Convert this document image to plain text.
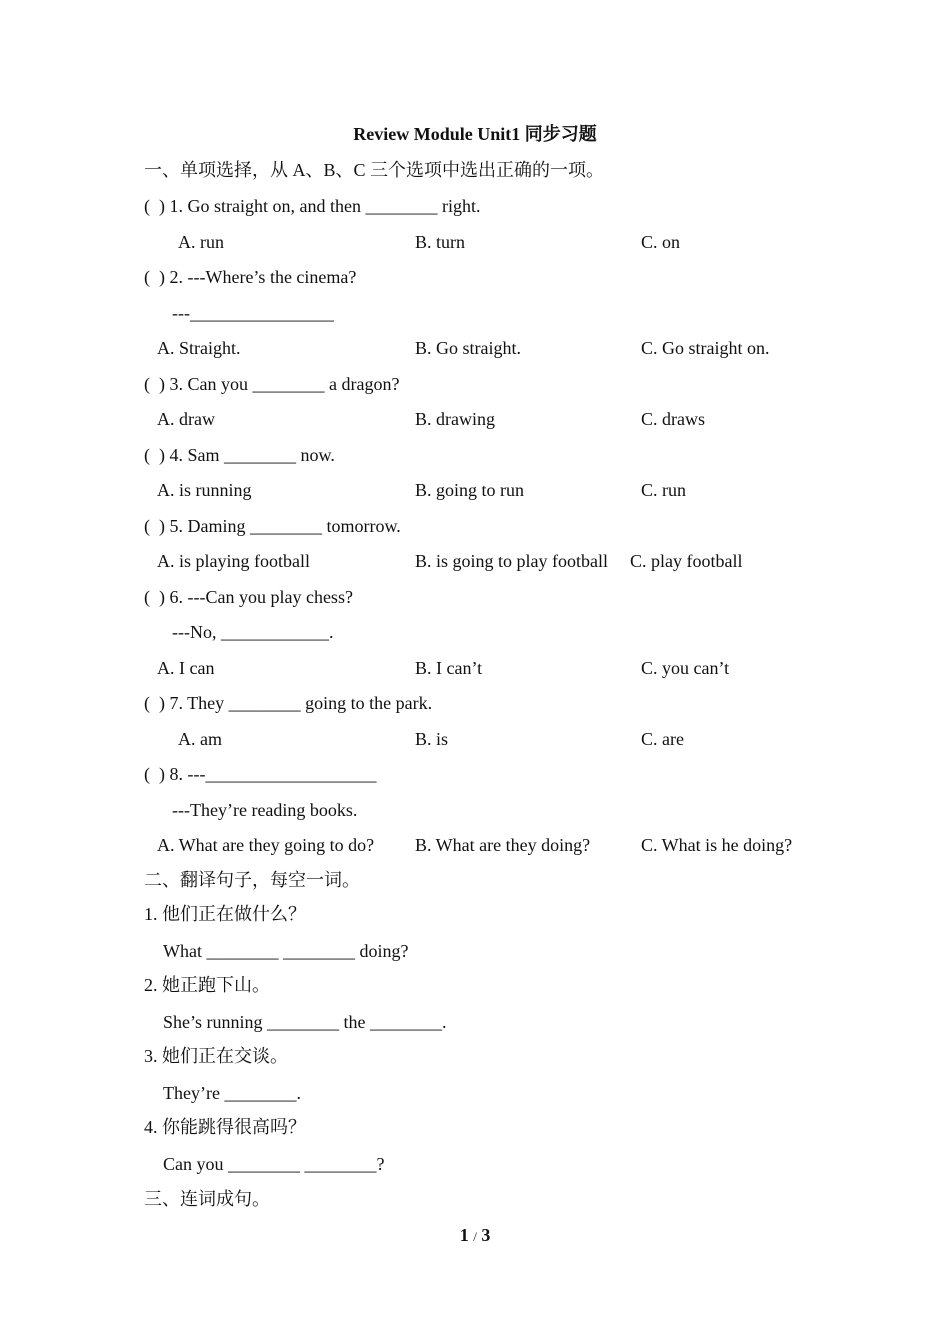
Review Module Unit1 同步习题
一、单项选择，从 A、B、C 三个选项中选出正确的一项。
(  ) 1. Go straight on, and then ________ right.
A. run	B. turn	C. on
(  ) 2. ---Where’s the cinema?
---________________
A. Straight.	B. Go straight.	C. Go straight on.
(  ) 3. Can you ________ a dragon?
A. draw	B. drawing	C. draws
(  ) 4. Sam ________ now.
A. is running	B. going to run	C. run
(  ) 5. Daming ________ tomorrow.
A. is playing football	B. is going to play football C. play football
(  ) 6. ---Can you play chess?
---No, ____________.
A. I can	B. I can’t	C. you can’t
(  ) 7. They ________ going to the park.
A. am	B. is	C. are
(  ) 8. ---___________________
---They’re reading books.
A. What are they going to do? B. What are they doing?	C. What is he doing?
二、翻译句子，每空一词。
1. 他们正在做什么？
What ________ ________ doing?
2. 她正跑下山。
She’s running ________ the ________.
3. 她们正在交谈。
They’re ________.
4. 你能跳得很高吗？
Can you ________ ________?
三、连词成句。
1 / 3
